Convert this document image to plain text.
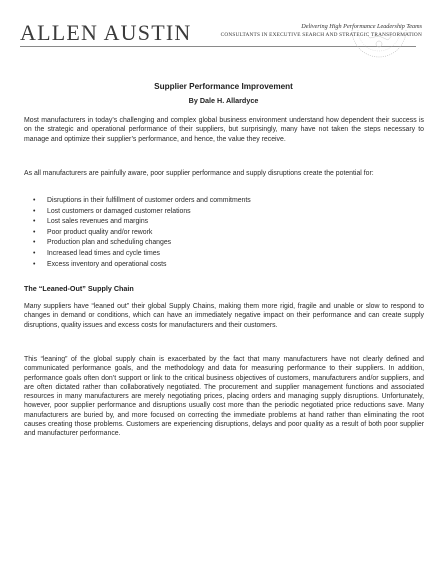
ALLEN AUSTIN	Delivering High Performance Leadership Teams
CONSULTANTS IN EXECUTIVE SEARCH AND STRATEGIC TRANSFORMATION
Supplier Performance Improvement
By Dale H. Allardyce
Most manufacturers in today’s challenging and complex global business environment understand how dependent their success is on the strategic and operational performance of their suppliers, but surprisingly, many have not taken the steps necessary to manage and optimize their supplier’s performance, and hence, the value they receive.
As all manufacturers are painfully aware, poor supplier performance and supply disruptions create the potential for:
• Disruptions in their fulfillment of customer orders and commitments
• Lost customers or damaged customer relations
• Lost sales revenues and margins
• Poor product quality and/or rework
• Production plan and scheduling changes
• Increased lead times and cycle times
• Excess inventory and operational costs
The “Leaned-Out” Supply Chain
Many suppliers have “leaned out” their global Supply Chains, making them more rigid, fragile and unable or slow to respond to changes in demand or conditions, which can have an immediately negative impact on their performance and can create supply disruptions, quality issues and excess costs for manufacturers and their customers.
This “leaning” of the global supply chain is exacerbated by the fact that many manufacturers have not clearly defined and communicated performance goals, and the methodology and data for measuring performance to their suppliers. In addition, performance goals often don’t support or link to the critical business objectives of customers, manufacturers and/or suppliers, and are often dictated rather than collaboratively negotiated. The procurement and supplier management functions and associated resources in many manufacturers are merely negotiating prices, placing orders and managing supply disruptions. Unfortunately, however, poor supplier performance and disruptions usually cost more than the periodic negotiated price reductions save. Many manufacturers are buried by, and more focused on correcting the immediate problems at hand rather than eliminating the root causes creating those problems. Customers are experiencing disruptions, delays and poor quality as a result of both poor supplier and manufacturer performance.
